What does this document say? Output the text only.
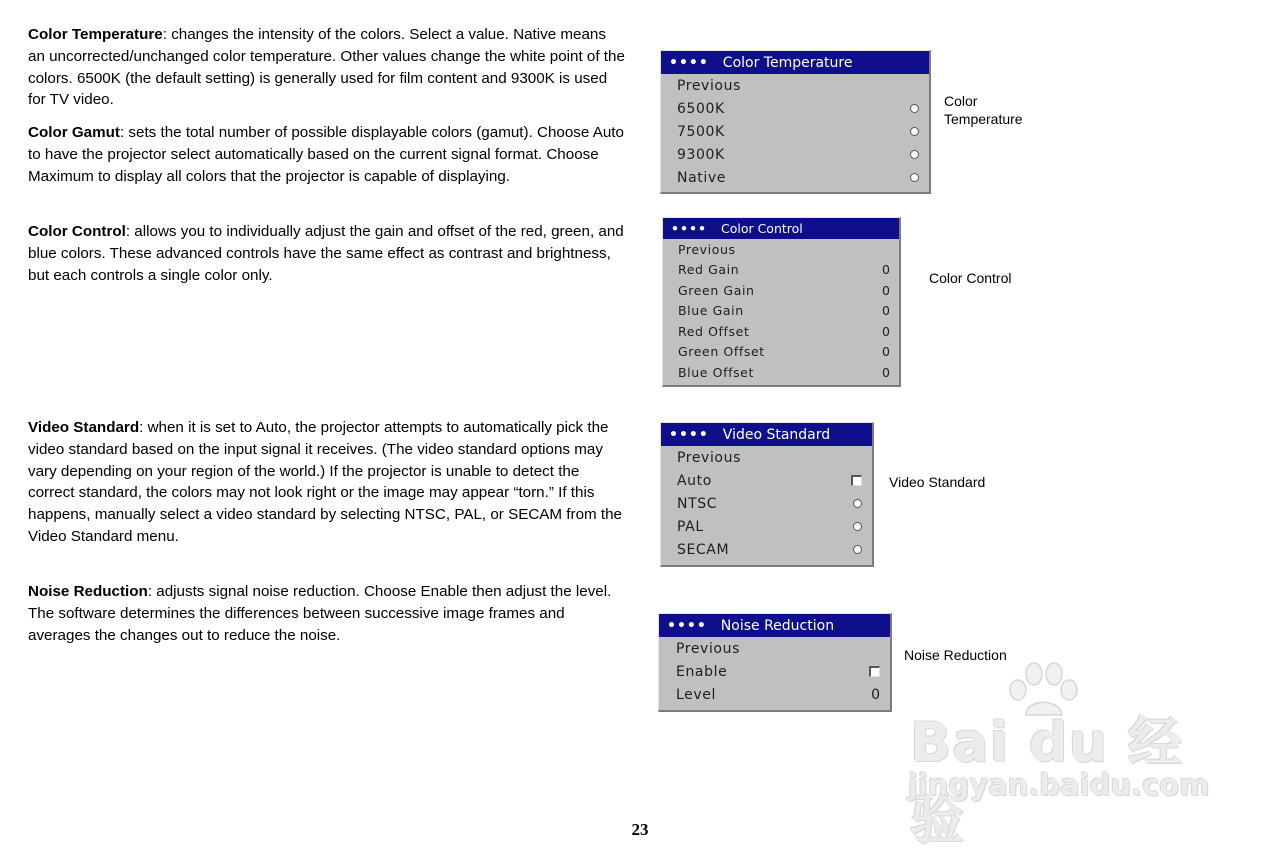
Color Temperature: changes the intensity of the colors. Select a value. Native means an uncorrected/unchanged color temperature. Other values change the white point of the colors. 6500K (the default setting) is generally used for film content and 9300K is used for TV video.

Color Gamut: sets the total number of possible displayable colors (gamut). Choose Auto to have the projector select automatically based on the current signal format. Choose Maximum to display all colors that the projector is capable of displaying.

Color Control: allows you to individually adjust the gain and offset of the red, green, and blue colors. These advanced controls have the same effect as contrast and brightness, but each controls a single color only.

Video Standard: when it is set to Auto, the projector attempts to automatically pick the video standard based on the input signal it receives. (The video standard options may vary depending on your region of the world.) If the projector is unable to detect the correct standard, the colors may not look right or the image may appear “torn.” If this happens, manually select a video standard by selecting NTSC, PAL, or SECAM from the Video Standard menu.

Noise Reduction: adjusts signal noise reduction. Choose Enable then adjust the level. The software determines the differences between successive image frames and averages the changes out to reduce the noise.

•••• Color Temperature
Previous
6500K
7500K
9300K
Native
Color
Temperature
•••• Color Control
Previous
Red Gain	0
Green Gain	0
Blue Gain	0
Red Offset	0
Green Offset	0
Blue Offset	0
Color Control
•••• Video Standard
Previous
Auto
NTSC
PAL
SECAM
Video Standard
•••• Noise Reduction
Previous
Enable
Level	0
Noise Reduction
Bai du 经验
jingyan.baidu.com
23
